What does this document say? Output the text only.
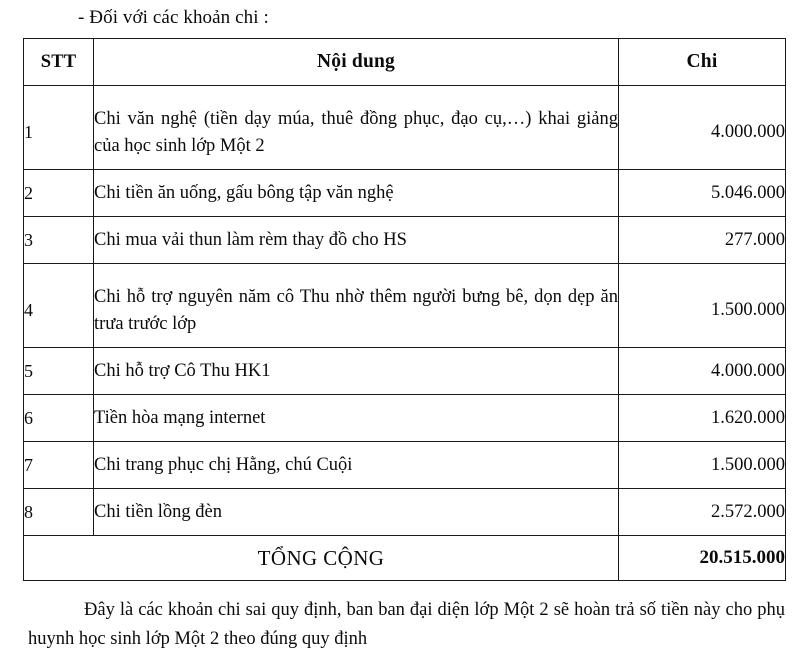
- Đối với các khoản chi :
STT	Nội dung	Chi
1	Chi văn nghệ (tiền dạy múa, thuê đồng phục, đạo cụ,…) khai giảng của học sinh lớp Một 2	4.000.000
2	Chi tiền ăn uống, gấu bông tập văn nghệ	5.046.000
3	Chi mua vải thun làm rèm thay đồ cho HS	277.000
4	Chi hỗ trợ nguyên năm cô Thu nhờ thêm người bưng bê, dọn dẹp ăn trưa trước lớp	1.500.000
5	Chi hỗ trợ Cô Thu HK1	4.000.000
6	Tiền hòa mạng internet	1.620.000
7	Chi trang phục chị Hằng, chú Cuội	1.500.000
8	Chi tiền lồng đèn	2.572.000
TỔNG CỘNG		20.515.000
Đây là các khoản chi sai quy định, ban ban đại diện lớp Một 2 sẽ hoàn trả số tiền này cho phụ huynh học sinh lớp Một 2 theo đúng quy định
